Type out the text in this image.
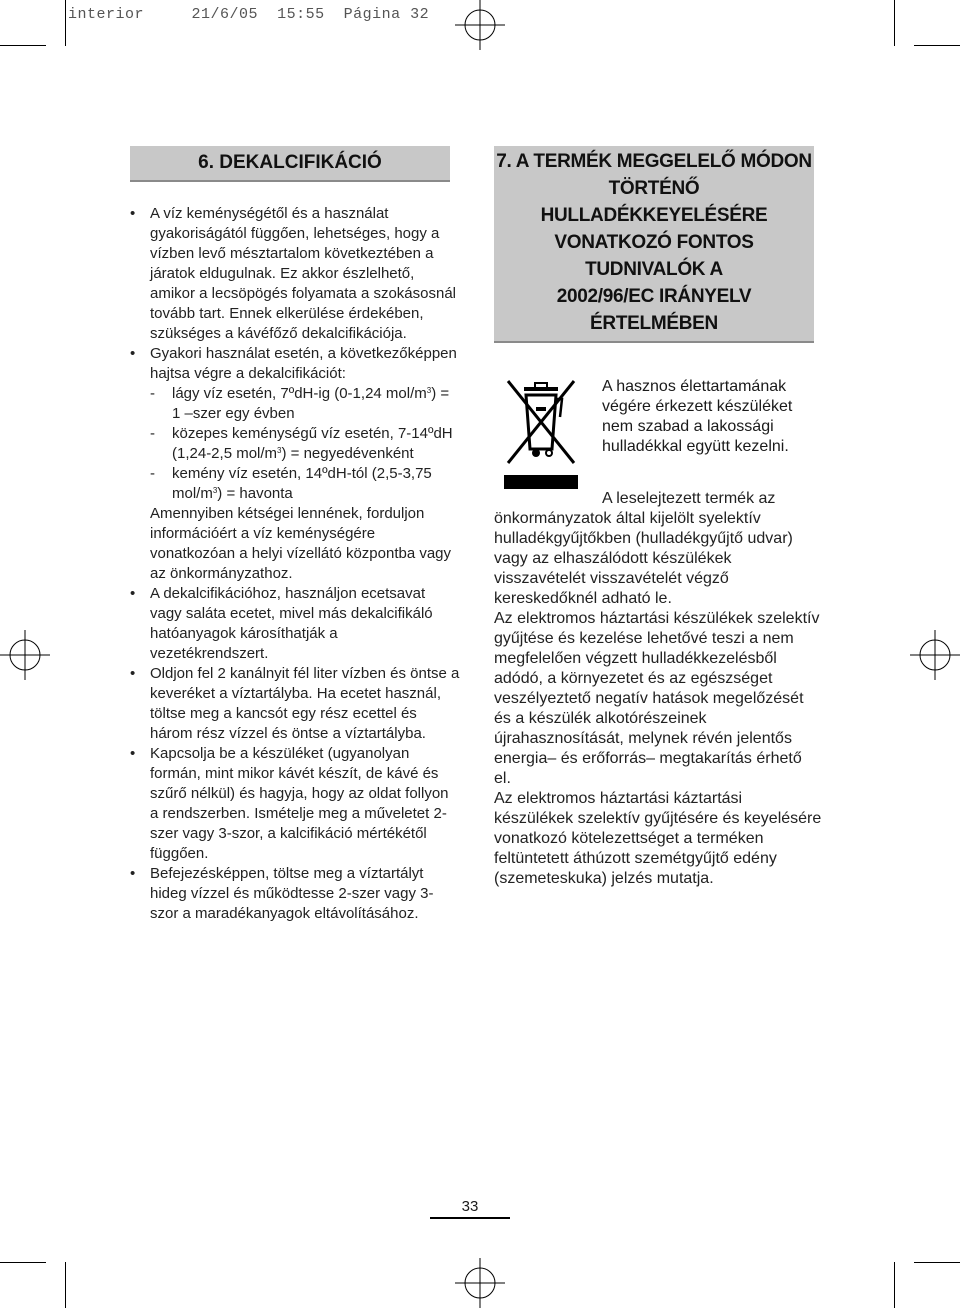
interior	21/6/05 15:55 Página 32
6. DEKALCIFIKÁCIÓ
• A víz keménységétől és a használat gyakoriságától függően, lehetséges, hogy a vízben levő mésztartalom következtében a járatok eldugulnak. Ez akkor észlelhető, amikor a lecsöpögés folyamata a szokásosnál tovább tart. Ennek elkerülése érdekében, szükséges a kávéfőző dekalcifikációja.
• Gyakori használat esetén, a következőképpen hajtsa végre a dekalcifikációt:
- lágy víz esetén, 7ºdH-ig (0-1,24 mol/$m^3) = 1$ –szer egy évben
- közepes keménységű víz esetén, 7-14ºdH (1,24-2,5 mol/$m^3$) = negyedévenként
- kemény víz esetén, 14ºdH-tól (2,5-3,75 mol/$m^3$) = havonta
Amennyiben kétségei lennének, forduljon információért a víz keménységére vonatkozóan a helyi vízellátó központba vagy az önkormányzathoz.
• A dekalcifikációhoz, használjon ecetsavat vagy saláta ecetet, mivel más dekalcifikáló hatóanyagok károsíthatják a vezetékrendszert.
• Oldjon fel 2 kanálnyit fél liter vízben és öntse a keveréket a víztartályba. Ha ecetet használ, töltse meg a kancsót egy rész ecettel és három rész vízzel és öntse a víztartályba.
• Kapcsolja be a készüléket (ugyanolyan formán, mint mikor kávét készít, de kávé és szűrő nélkül) és hagyja, hogy az oldat follyon a rendszerben. Ismételje meg a műveletet 2-szer vagy 3-szor, a kalcifikáció mértékétől függően.
• Befejezésképpen, töltse meg a víztartályt hideg vízzel és működtesse 2-szer vagy 3-szor a maradékanyagok eltávolításához.
7. A TERMÉK MEGGELELŐ MÓDON
TÖRTÉNŐ HULLADÉKKEYELÉSÉRE
VONATKOZÓ FONTOS TUDNIVALÓK A
2002/96/EC IRÁNYELV ÉRTELMÉBEN
A hasznos élettartamának végére érkezett készüléket nem szabad a lakossági hulladékkal együtt kezelni.

A leselejtezett termék az önkormányzatok által kijelölt syelektív hulladékgyűjtőkben (hulladékgyűjtő udvar) vagy az elhaszálódott készülékek visszavételét visszavételét végző kereskedőknél adható le.

Az elektromos háztartási készülékek szelektív gyűjtése és kezelése lehetővé teszi a nem megfelelően végzett hulladékkezelésből adódó, a környezetet és az egészséget veszélyeztető negatív hatások megelőzését és a készülék alkotórészeinek újrahasznosítását, melynek révén jelentős energia– és erőforrás– megtakarítás érhető el.

Az elektromos háztartási káztartási készülékek szelektív gyűjtésére és keyelésére vonatkozó kötelezettséget a terméken feltüntetett áthúzott szemétgyűjtő edény (szemeteskuka) jelzés mutatja.

33
